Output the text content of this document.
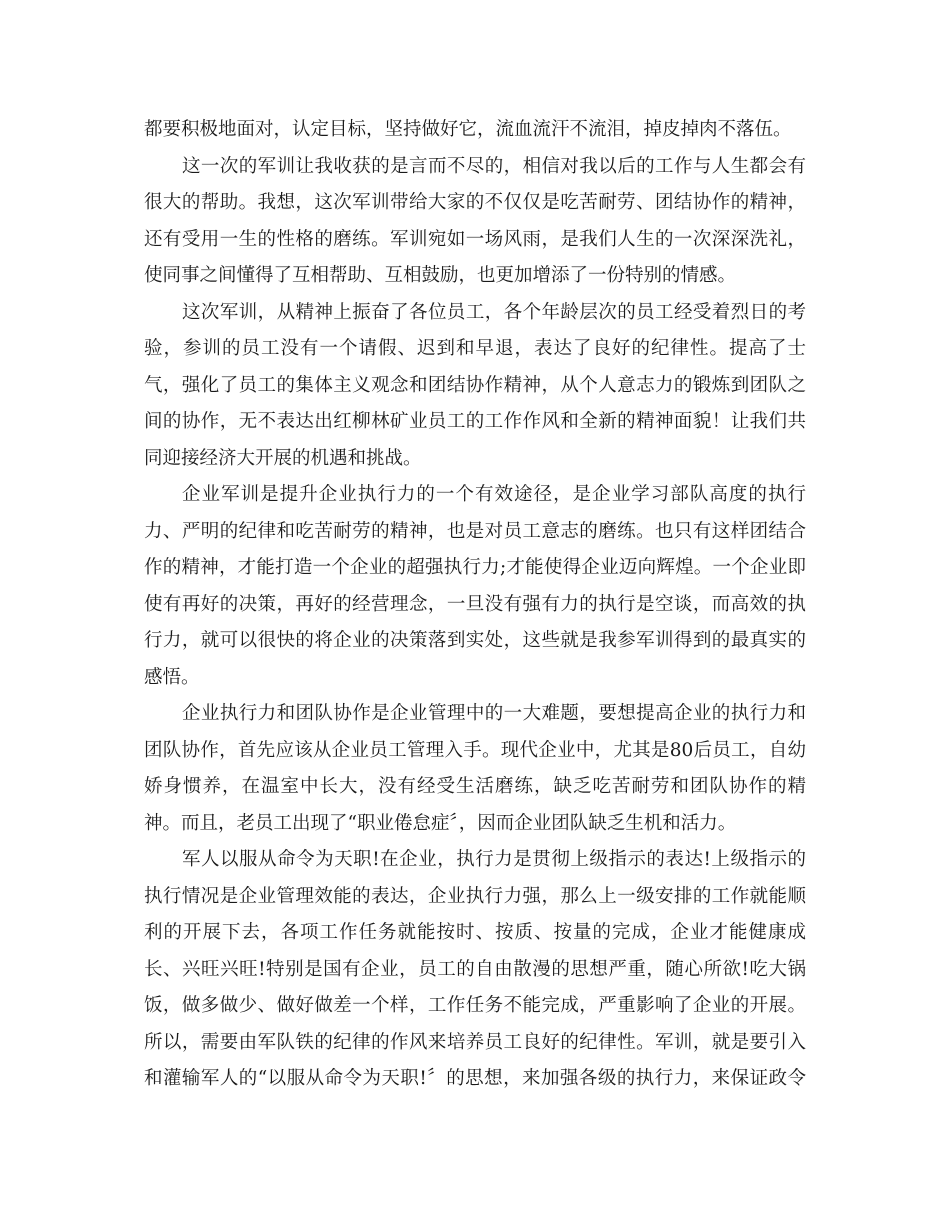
都要积极地面对，认定目标，坚持做好它，流血流汗不流泪，掉皮掉肉不落伍。
这一次的军训让我收获的是言而不尽的，相信对我以后的工作与人生都会有
很大的帮助。我想，这次军训带给大家的不仅仅是吃苦耐劳、团结协作的精神，
还有受用一生的性格的磨练。军训宛如一场风雨，是我们人生的一次深深洗礼，
使同事之间懂得了互相帮助、互相鼓励，也更加增添了一份特别的情感。
这次军训，从精神上振奋了各位员工，各个年龄层次的员工经受着烈日的考
验，参训的员工没有一个请假、迟到和早退，表达了良好的纪律性。提高了士
气，强化了员工的集体主义观念和团结协作精神，从个人意志力的锻炼到团队之
间的协作，无不表达出红柳林矿业员工的工作作风和全新的精神面貌！让我们共
同迎接经济大开展的机遇和挑战。
企业军训是提升企业执行力的一个有效途径，是企业学习部队高度的执行
力、严明的纪律和吃苦耐劳的精神，也是对员工意志的磨练。也只有这样团结合
作的精神，才能打造一个企业的超强执行力;才能使得企业迈向辉煌。一个企业即
使有再好的决策，再好的经营理念，一旦没有强有力的执行是空谈，而高效的执
行力，就可以很快的将企业的决策落到实处，这些就是我参军训得到的最真实的
感悟。
企业执行力和团队协作是企业管理中的一大难题，要想提高企业的执行力和
团队协作，首先应该从企业员工管理入手。现代企业中，尤其是80后员工，自幼
娇身惯养，在温室中长大，没有经受生活磨练，缺乏吃苦耐劳和团队协作的精
神。而且，老员工出现了“职业倦怠症〞，因而企业团队缺乏生机和活力。
军人以服从命令为天职!在企业，执行力是贯彻上级指示的表达!上级指示的
执行情况是企业管理效能的表达，企业执行力强，那么上一级安排的工作就能顺
利的开展下去，各项工作任务就能按时、按质、按量的完成，企业才能健康成
长、兴旺兴旺!特别是国有企业，员工的自由散漫的思想严重，随心所欲!吃大锅
饭，做多做少、做好做差一个样，工作任务不能完成，严重影响了企业的开展。
所以，需要由军队铁的纪律的作风来培养员工良好的纪律性。军训，就是要引入
和灌输军人的“以服从命令为天职!〞的思想，来加强各级的执行力，来保证政令
